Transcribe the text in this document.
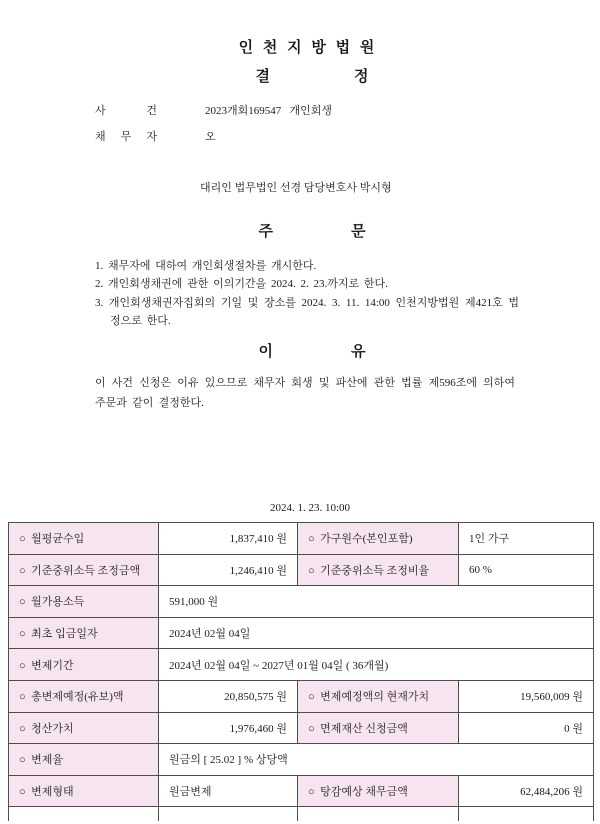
인 천 지 방 법 원
결 정
사 건	2023개회169547   개인회생
채 무 자	오
대리인 법무법인 선경 담당변호사 박시형
주 문

1. 채무자에 대하여 개인회생절차를 개시한다.

2. 개인회생채권에 관한 이의기간을 2024. 2. 23.까지로 한다.

3. 개인회생채권자집회의 기일 및 장소를 2024. 3. 11. 14:00 인천지방법원 제421호 법정으로 한다.

이 유

이 사건 신청은 이유 있으므로 채무자 회생 및 파산에 관한 법률 제596조에 의하여 주문과 같이 결정한다.

2024. 1. 23. 10:00
○  월평균수입	1,837,410 원	○  가구원수(본인포함)	1인 가구
○  기준중위소득 조정금액	1,246,410 원	○  기준중위소득 조정비율	60 %
○  월가용소득	591,000 원		
○  최초 입금일자	2024년 02월 04일		
○  변제기간	2024년 02월 04일 ~ 2027년 01월 04일 ( 36개월)		
○  총변제예정(유보)액	20,850,575 원	○  변제예정액의 현재가치	19,560,009 원
○  청산가치	1,976,460 원	○  면제재산 신청금액	0 원
○  변제율	원금의 [ 25.02 ] % 상당액		
○  변제형태	원금변제	○  탕감예상 채무금액	62,484,206 원
